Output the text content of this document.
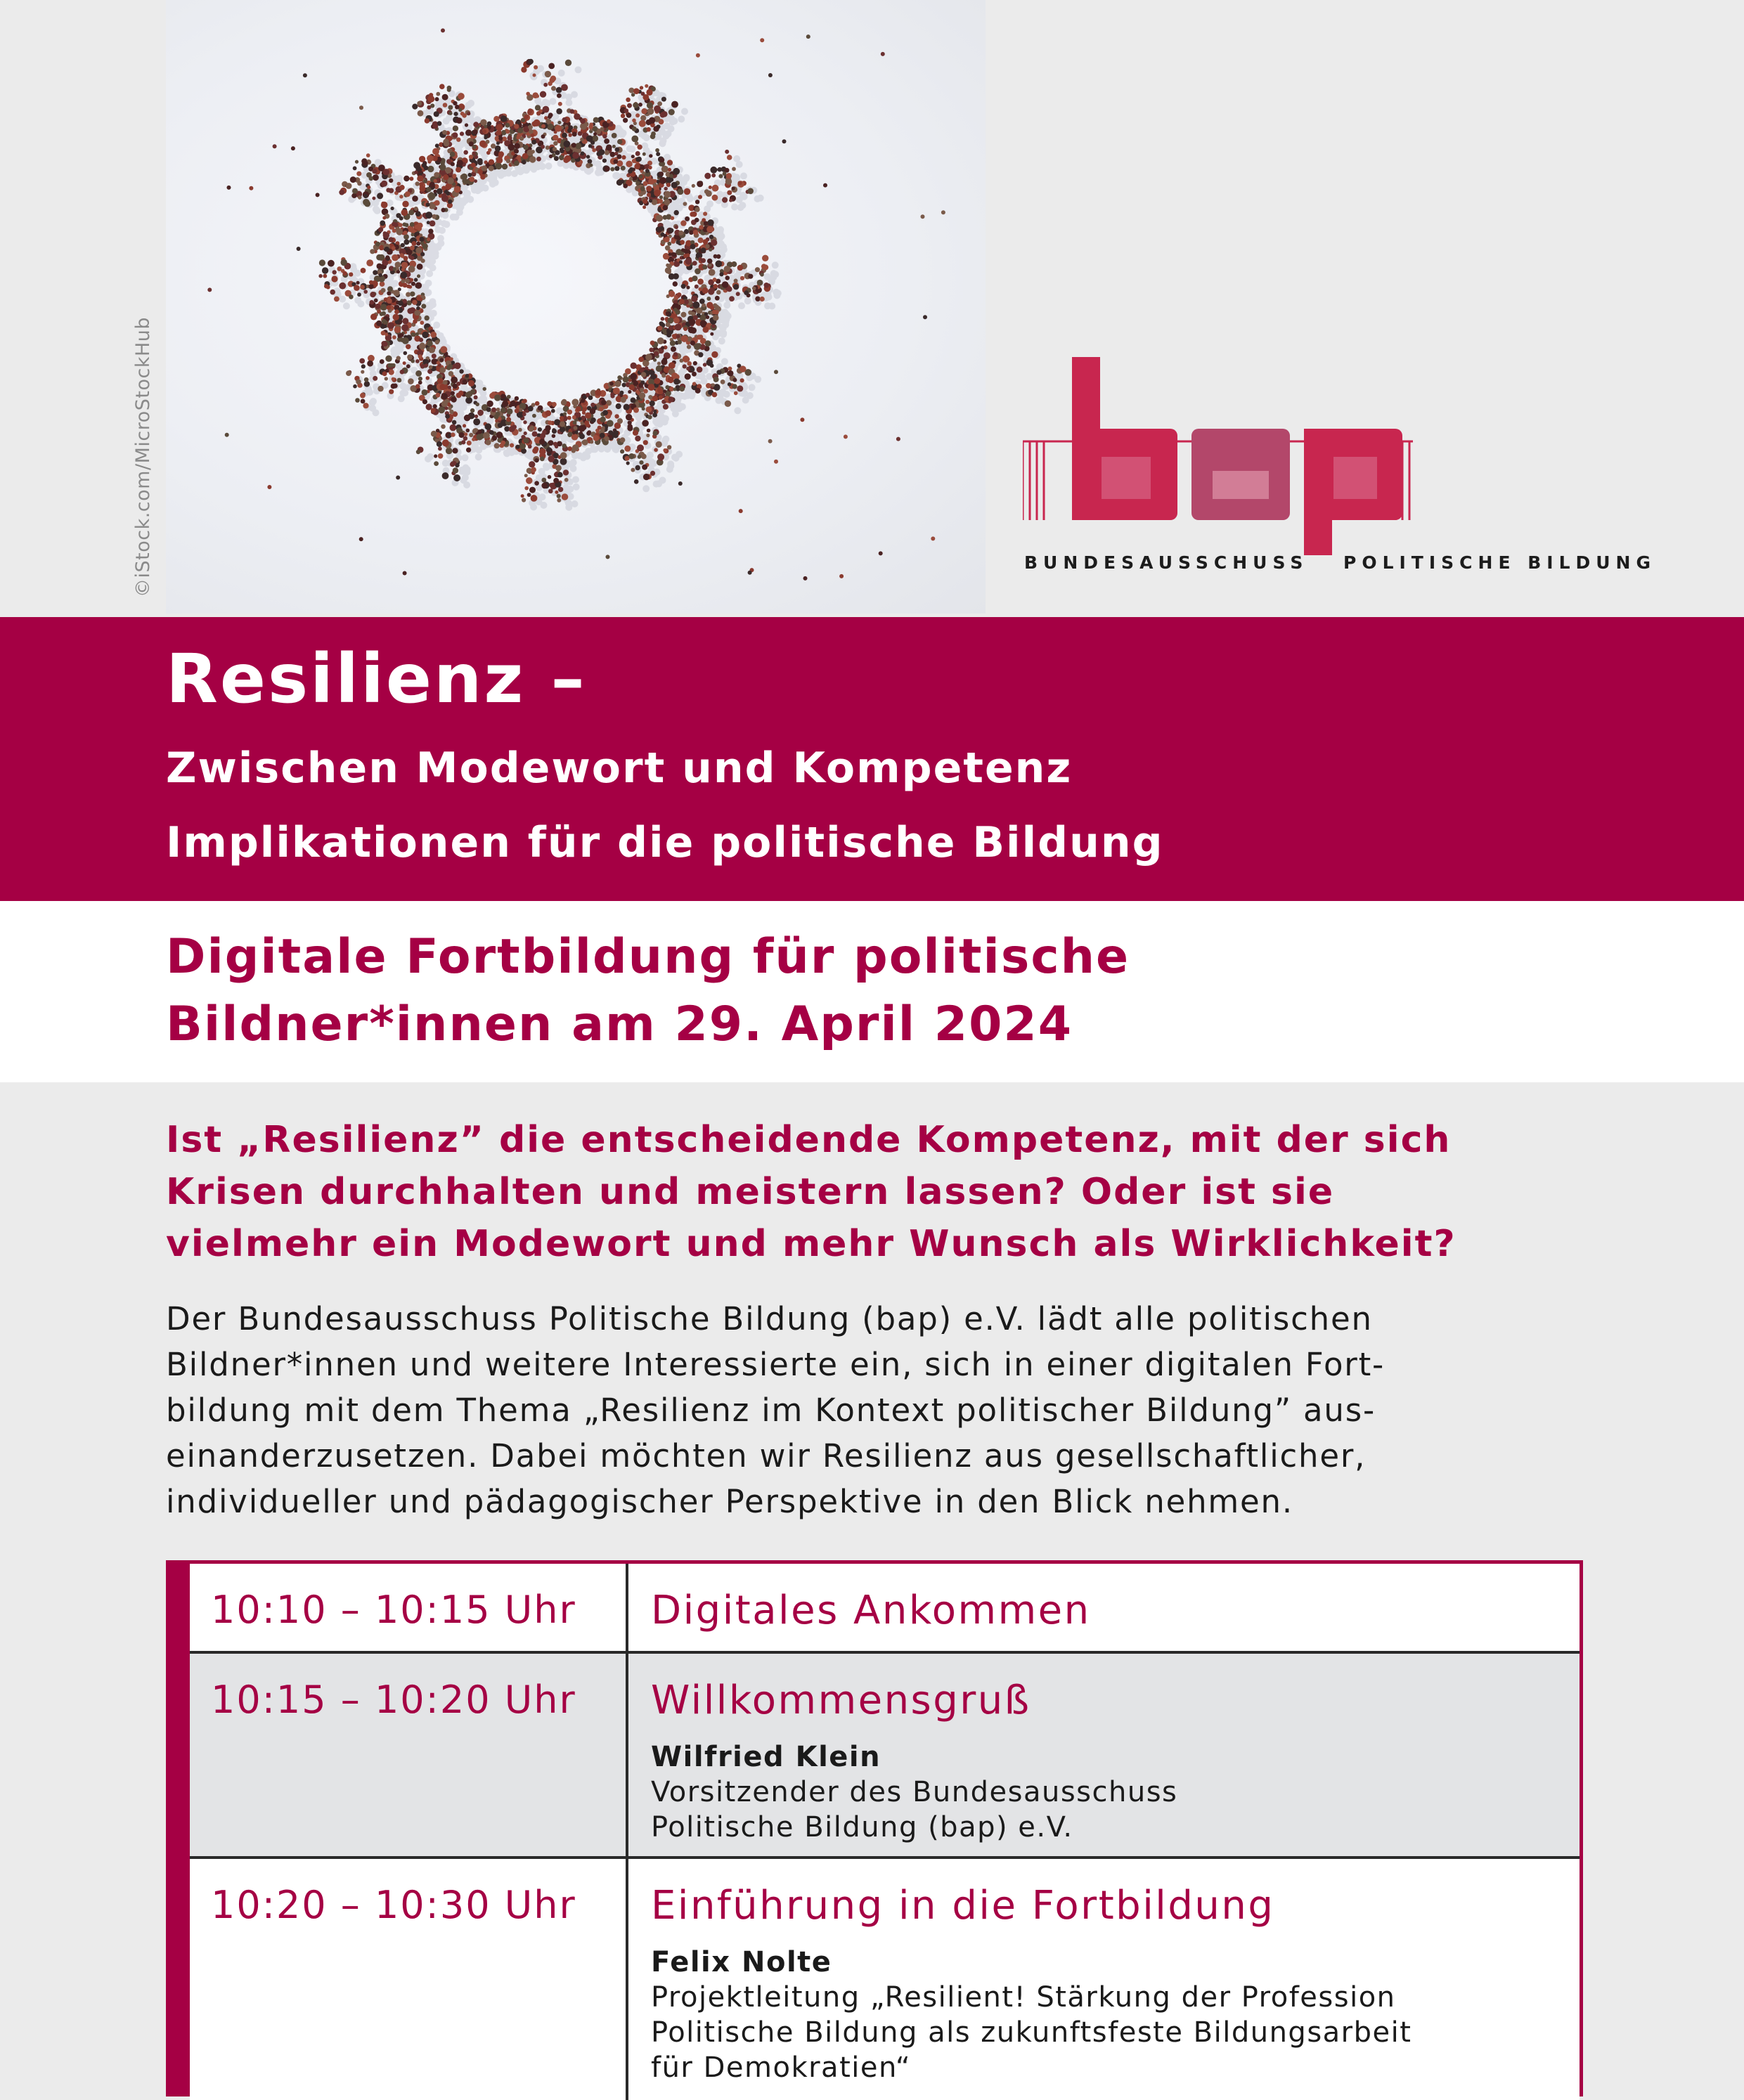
©iStock.com/MicroStockHub	BUNDESAUSSCHUSS POLITISCHE BILDUNG
Resilienz –

Zwischen Modewort und Kompetenz

Implikationen für die politische Bildung

Digitale Fortbildung für politische

Bildner*innen am 29. April 2024

Ist „Resilienz” die entscheidende Kompetenz, mit der sich

Krisen durchhalten und meistern lassen? Oder ist sie

vielmehr ein Modewort und mehr Wunsch als Wirklichkeit?

Der Bundesausschuss Politische Bildung (bap) e.V. lädt alle politischen

Bildner*innen und weitere Interessierte ein, sich in einer digitalen Fort-

bildung mit dem Thema „Resilienz im Kontext politischer Bildung” aus-

einanderzusetzen. Dabei möchten wir Resilienz aus gesellschaftlicher,

individueller und pädagogischer Perspektive in den Blick nehmen.

10:10 – 10:15 Uhr Digitales Ankommen

10:15 – 10:20 Uhr Willkommensgruß

Wilfried Klein

Vorsitzender des Bundesausschuss

Politische Bildung (bap) e.V.

10:20 – 10:30 Uhr Einführung in die Fortbildung

Felix Nolte

Projektleitung „Resilient! Stärkung der Profession

Politische Bildung als zukunftsfeste Bildungsarbeit

für Demokratien“
